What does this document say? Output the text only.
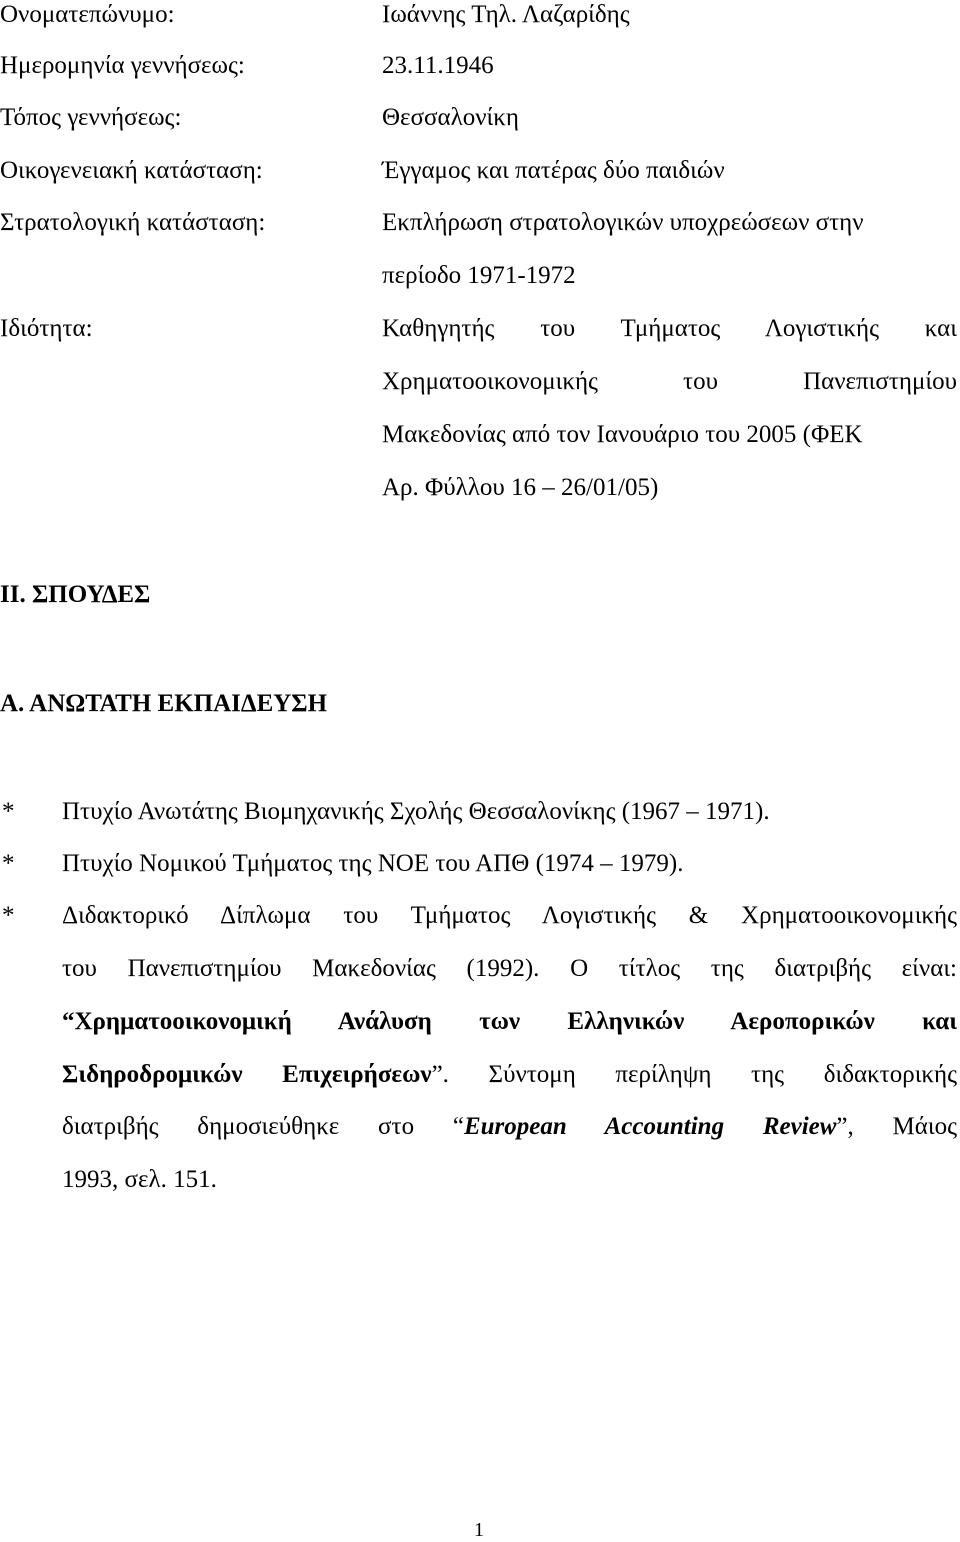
Ονοματεπώνυμο:	Ιωάννης Τηλ. Λαζαρίδης
Ημερομηνία γεννήσεως:	23.11.1946
Τόπος γεννήσεως:	Θεσσαλονίκη
Οικογενειακή κατάσταση:	Έγγαμος και πατέρας δύο παιδιών
Στρατολογική κατάσταση:	Εκπλήρωση στρατολογικών υποχρεώσεων στην
περίοδο 1971-1972
Ιδιότητα:	Καθηγητής του Τμήματος Λογιστικής και
Χρηματοοικονομικής του Πανεπιστημίου
Μακεδονίας από τον Ιανουάριο του 2005 (ΦΕΚ
Αρ. Φύλλου 16 – 26/01/05)
II. ΣΠΟΥΔΕΣ
Α. ΑΝΩΤΑΤΗ ΕΚΠΑΙΔΕΥΣΗ
* Πτυχίο Ανωτάτης Βιομηχανικής Σχολής Θεσσαλονίκης (1967 – 1971).
* Πτυχίο Νομικού Τμήματος της ΝΟΕ του ΑΠΘ (1974 – 1979).
* Διδακτορικό Δίπλωμα του Τμήματος Λογιστικής & Χρηματοοικονομικής
του Πανεπιστημίου Μακεδονίας (1992). Ο τίτλος της διατριβής είναι:
“Χρηματοοικονομική Ανάλυση των Ελληνικών Αεροπορικών και
Σιδηροδρομικών Επιχειρήσεων”. Σύντομη περίληψη της διδακτορικής
διατριβής δημοσιεύθηκε στο “European Accounting Review”, Μάιος
1993, σελ. 151.
1
